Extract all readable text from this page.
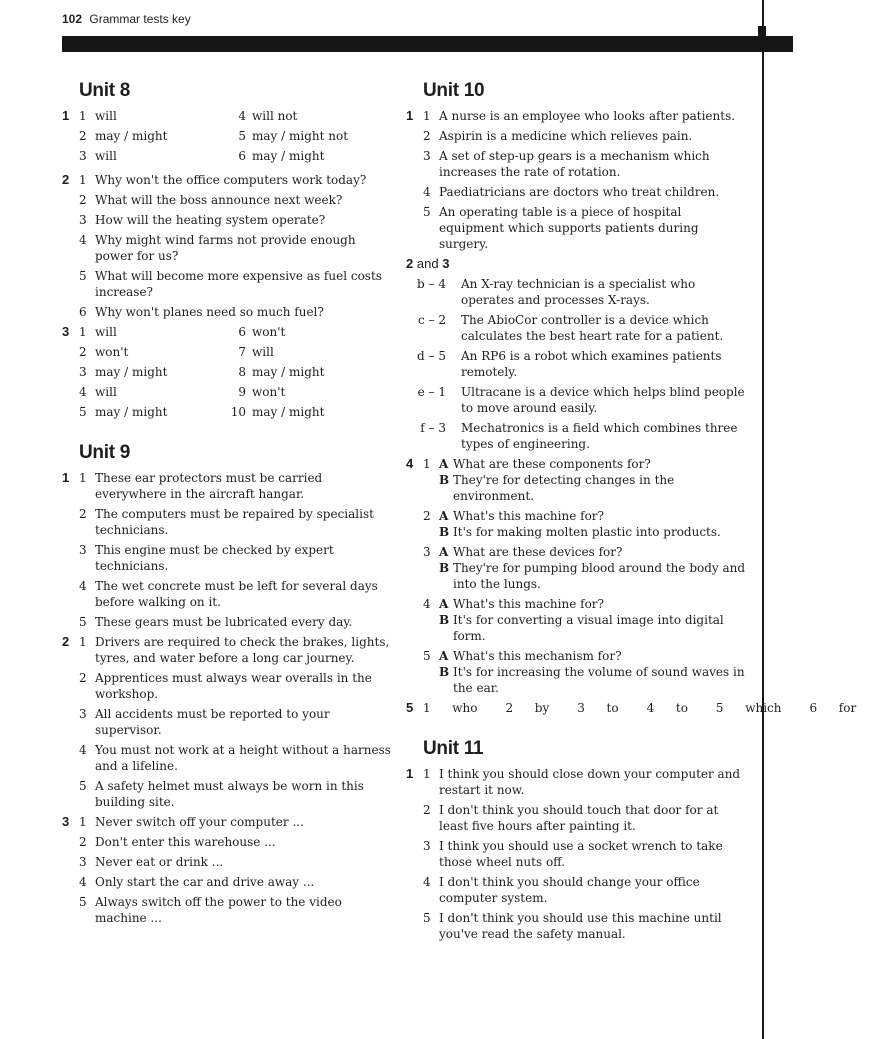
102 Grammar tests key
Unit 8
1 1 will	4 will not
2 may / might	5 may / might not
3 will	6 may / might
2 1 Why won't the office computers work today?
2 What will the boss announce next week?
3 How will the heating system operate?
4 Why might wind farms not provide enough power for us?
5 What will become more expensive as fuel costs increase?
6 Why won't planes need so much fuel?
3 1 will	6 won't
2 won't	7 will
3 may / might	8 may / might
4 will	9 won't
5 may / might	10 may / might
Unit 9
1 1 These ear protectors must be carried everywhere in the aircraft hangar.
2 The computers must be repaired by specialist technicians.
3 This engine must be checked by expert technicians.
4 The wet concrete must be left for several days before walking on it.
5 These gears must be lubricated every day.
2 1 Drivers are required to check the brakes, lights, tyres, and water before a long car journey.
2 Apprentices must always wear overalls in the workshop.
3 All accidents must be reported to your supervisor.
4 You must not work at a height without a harness and a lifeline.
5 A safety helmet must always be worn in this building site.
3 1 Never switch off your computer ...
2 Don't enter this warehouse ...
3 Never eat or drink ...
4 Only start the car and drive away ...
5 Always switch off the power to the video machine ...
Unit 10
1 1 A nurse is an employee who looks after patients.
2 Aspirin is a medicine which relieves pain.
3 A set of step-up gears is a mechanism which increases the rate of rotation.
4 Paediatricians are doctors who treat children.
5 An operating table is a piece of hospital equipment which supports patients during surgery.
2 and 3
b – 4	An X-ray technician is a specialist who operates and processes X-rays.
c – 2	The AbioCor controller is a device which calculates the best heart rate for a patient.
d – 5	An RP6 is a robot which examines patients remotely.
e – 1	Ultracane is a device which helps blind people to move around easily.
f – 3	Mechatronics is a field which combines three types of engineering.
4 1 A What are these components for?
B They're for detecting changes in the environment.
2 A What's this machine for?
B It's for making molten plastic into products.
3 A What are these devices for?
B They're for pumping blood around the body and into the lungs.
4 A What's this machine for?
B It's for converting a visual image into digital form.
5 A What's this mechanism for?
B It's for increasing the volume of sound waves in the ear.
5 1 who	2 by	3 to	4 to	5 which	6 for
Unit 11
1 1 I think you should close down your computer and restart it now.
2 I don't think you should touch that door for at least five hours after painting it.
3 I think you should use a socket wrench to take those wheel nuts off.
4 I don't think you should change your office computer system.
5 I don't think you should use this machine until you've read the safety manual.
